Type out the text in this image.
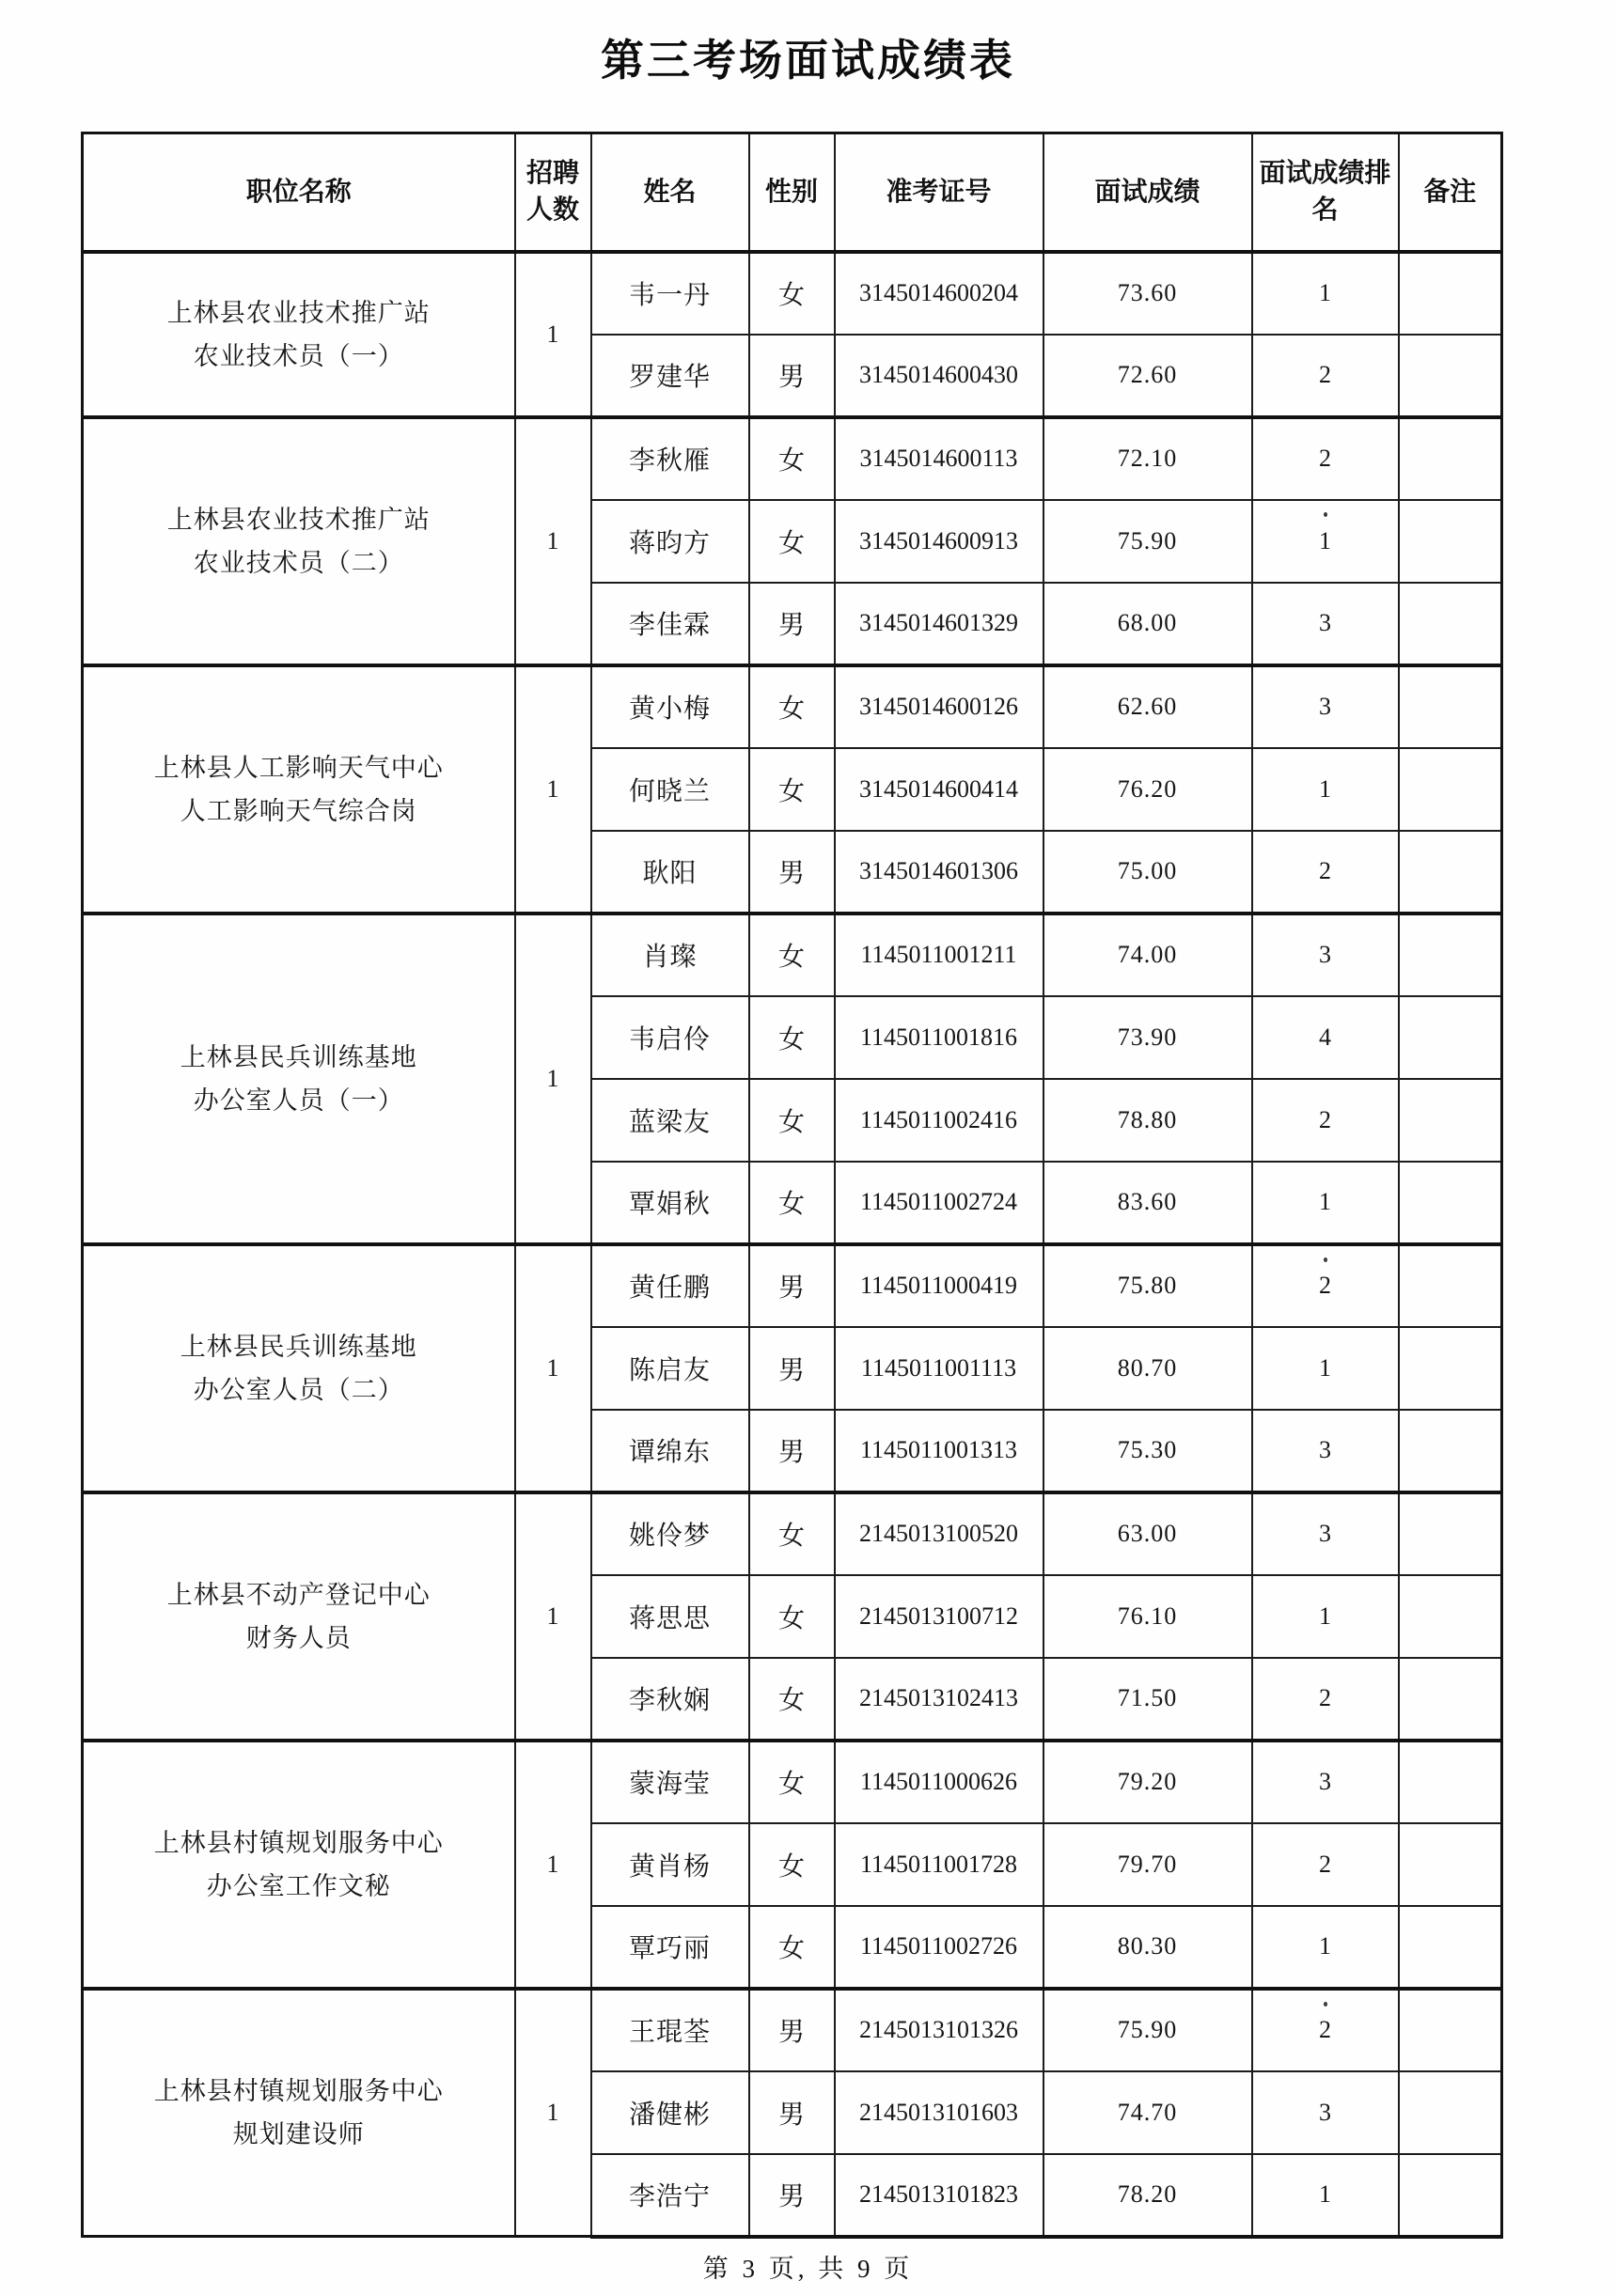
第三考场面试成绩表
职位名称	招聘人数	姓名	性别	准考证号	面试成绩	面试成绩排名	备注
上林县农业技术推广站
农业技术员（一）	1	韦一丹	女	3145014600204	73.60	1	
		罗建华	男	3145014600430	72.60	2	
上林县农业技术推广站
农业技术员（二）	1	李秋雁	女	3145014600113	72.10	2	
		蒋昀方	女	3145014600913	75.90	1	
		李佳霖	男	3145014601329	68.00	3	
上林县人工影响天气中心
人工影响天气综合岗	1	黄小梅	女	3145014600126	62.60	3	
		何晓兰	女	3145014600414	76.20	1	
		耿阳	男	3145014601306	75.00	2	
上林县民兵训练基地
办公室人员（一）	1	肖璨	女	1145011001211	74.00	3	
		韦启伶	女	1145011001816	73.90	4	
		蓝梁友	女	1145011002416	78.80	2	
		覃娟秋	女	1145011002724	83.60	1	
上林县民兵训练基地
办公室人员（二）	1	黄任鹏	男	1145011000419	75.80	2	
		陈启友	男	1145011001113	80.70	1	
		谭绵东	男	1145011001313	75.30	3	
上林县不动产登记中心
财务人员	1	姚伶梦	女	2145013100520	63.00	3	
		蒋思思	女	2145013100712	76.10	1	
		李秋娴	女	2145013102413	71.50	2	
上林县村镇规划服务中心
办公室工作文秘	1	蒙海莹	女	1145011000626	79.20	3	
		黄肖杨	女	1145011001728	79.70	2	
		覃巧丽	女	1145011002726	80.30	1	
上林县村镇规划服务中心
规划建设师	1	王琨荃	男	2145013101326	75.90	2	
		潘健彬	男	2145013101603	74.70	3	
		李浩宁	男	2145013101823	78.20	1	
第 3 页, 共 9 页
